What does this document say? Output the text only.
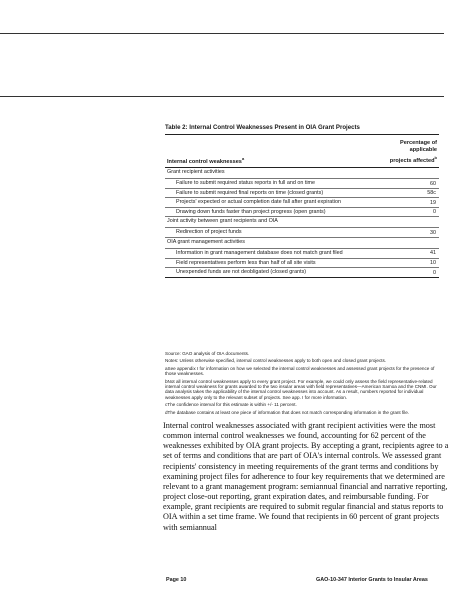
Table 2: Internal Control Weaknesses Present in OIA Grant Projects
Internal control weaknesses$^a$
Percentage of
applicable
projects affected$^b$
Grant recipient activities
Failure to submit required status reports in full and on time	60
Failure to submit required final reports on time (closed grants)	58c
Projects' expected or actual completion date fall after grant expiration	19
Drawing down funds faster than project progress (open grants)	0
Joint activity between grant recipients and OIA
Redirection of project funds	30
OIA grant management activities
Information in grant management database does not match grant filed	41
Field representatives perform less than half of all site visits	10
Unexpended funds are not deobligated (closed grants)	0

Source: GAO analysis of OIA documents.

Notes: Unless otherwise specified, internal control weaknesses apply to both open and closed grant projects.

aSee appendix I for information on how we selected the internal control weaknesses and assessed grant projects for the presence of those weaknesses.

bNot all internal control weaknesses apply to every grant project. For example, we could only assess the field representative-related internal control weakness for grants awarded to the two insular areas with field representatives—American Samoa and the CNMI. Our data analysis takes the applicability of the internal control weaknesses into account. As a result, numbers reported for individual weaknesses apply only to the relevant subset of projects. See app. I for more information.

cThe confidence interval for this estimate is within +/- 11 percent.

dThe database contains at least one piece of information that does not match corresponding information in the grant file.

Internal control weaknesses associated with grant recipient activities were the most common internal control weaknesses we found, accounting for 62 percent of the weaknesses exhibited by OIA grant projects. By accepting a grant, recipients agree to a set of terms and conditions that are part of OIA's internal controls. We assessed grant recipients' consistency in meeting requirements of the grant terms and conditions by examining project files for adherence to four key requirements that we determined are relevant to a grant management program: semiannual financial and narrative reporting, project close-out reporting, grant expiration dates, and reimbursable funding. For example, grant recipients are required to submit regular financial and status reports to OIA within a set time frame. We found that recipients in 60 percent of grant projects with semiannual
Page 10	GAO-10-347 Interior Grants to Insular Areas
